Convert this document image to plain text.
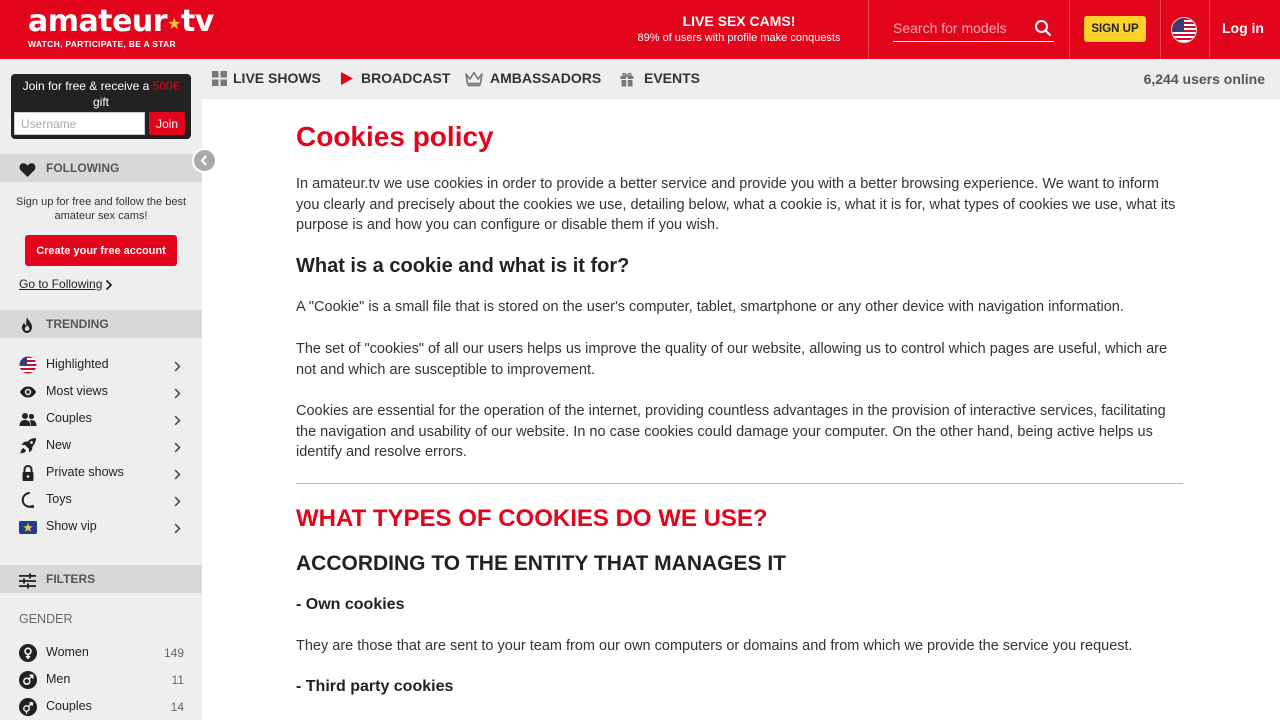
amateur★tv
WATCH, PARTICIPATE, BE A STAR
LIVE SEX CAMS!
89% of users with profile make conquests
Search for models
SIGN UP	Log in
Join for free & receive a 500€ gift
Username
Join
FOLLOWING
Sign up for free and follow the best amateur sex cams!
Create your free account
Go to Following
TRENDING
Highlighted
Most views
Couples
New
Private shows
Toys
Show vip
FILTERS
GENDER
Women	149
Men	11
Couples	14
LIVE SHOWS	BROADCAST	AMBASSADORS	EVENTS	6,244 users online
Cookies policy

In amateur.tv we use cookies in order to provide a better service and provide you with a better browsing experience. We want to inform you clearly and precisely about the cookies we use, detailing below, what a cookie is, what it is for, what types of cookies we use, what its purpose is and how you can configure or disable them if you wish.

What is a cookie and what is it for?

A "Cookie" is a small file that is stored on the user's computer, tablet, smartphone or any other device with navigation information.

The set of "cookies" of all our users helps us improve the quality of our website, allowing us to control which pages are useful, which are not and which are susceptible to improvement.

Cookies are essential for the operation of the internet, providing countless advantages in the provision of interactive services, facilitating the navigation and usability of our website. In no case cookies could damage your computer. On the other hand, being active helps us identify and resolve errors.

WHAT TYPES OF COOKIES DO WE USE?
ACCORDING TO THE ENTITY THAT MANAGES IT
- Own cookies

They are those that are sent to your team from our own computers or domains and from which we provide the service you request.

- Third party cookies
